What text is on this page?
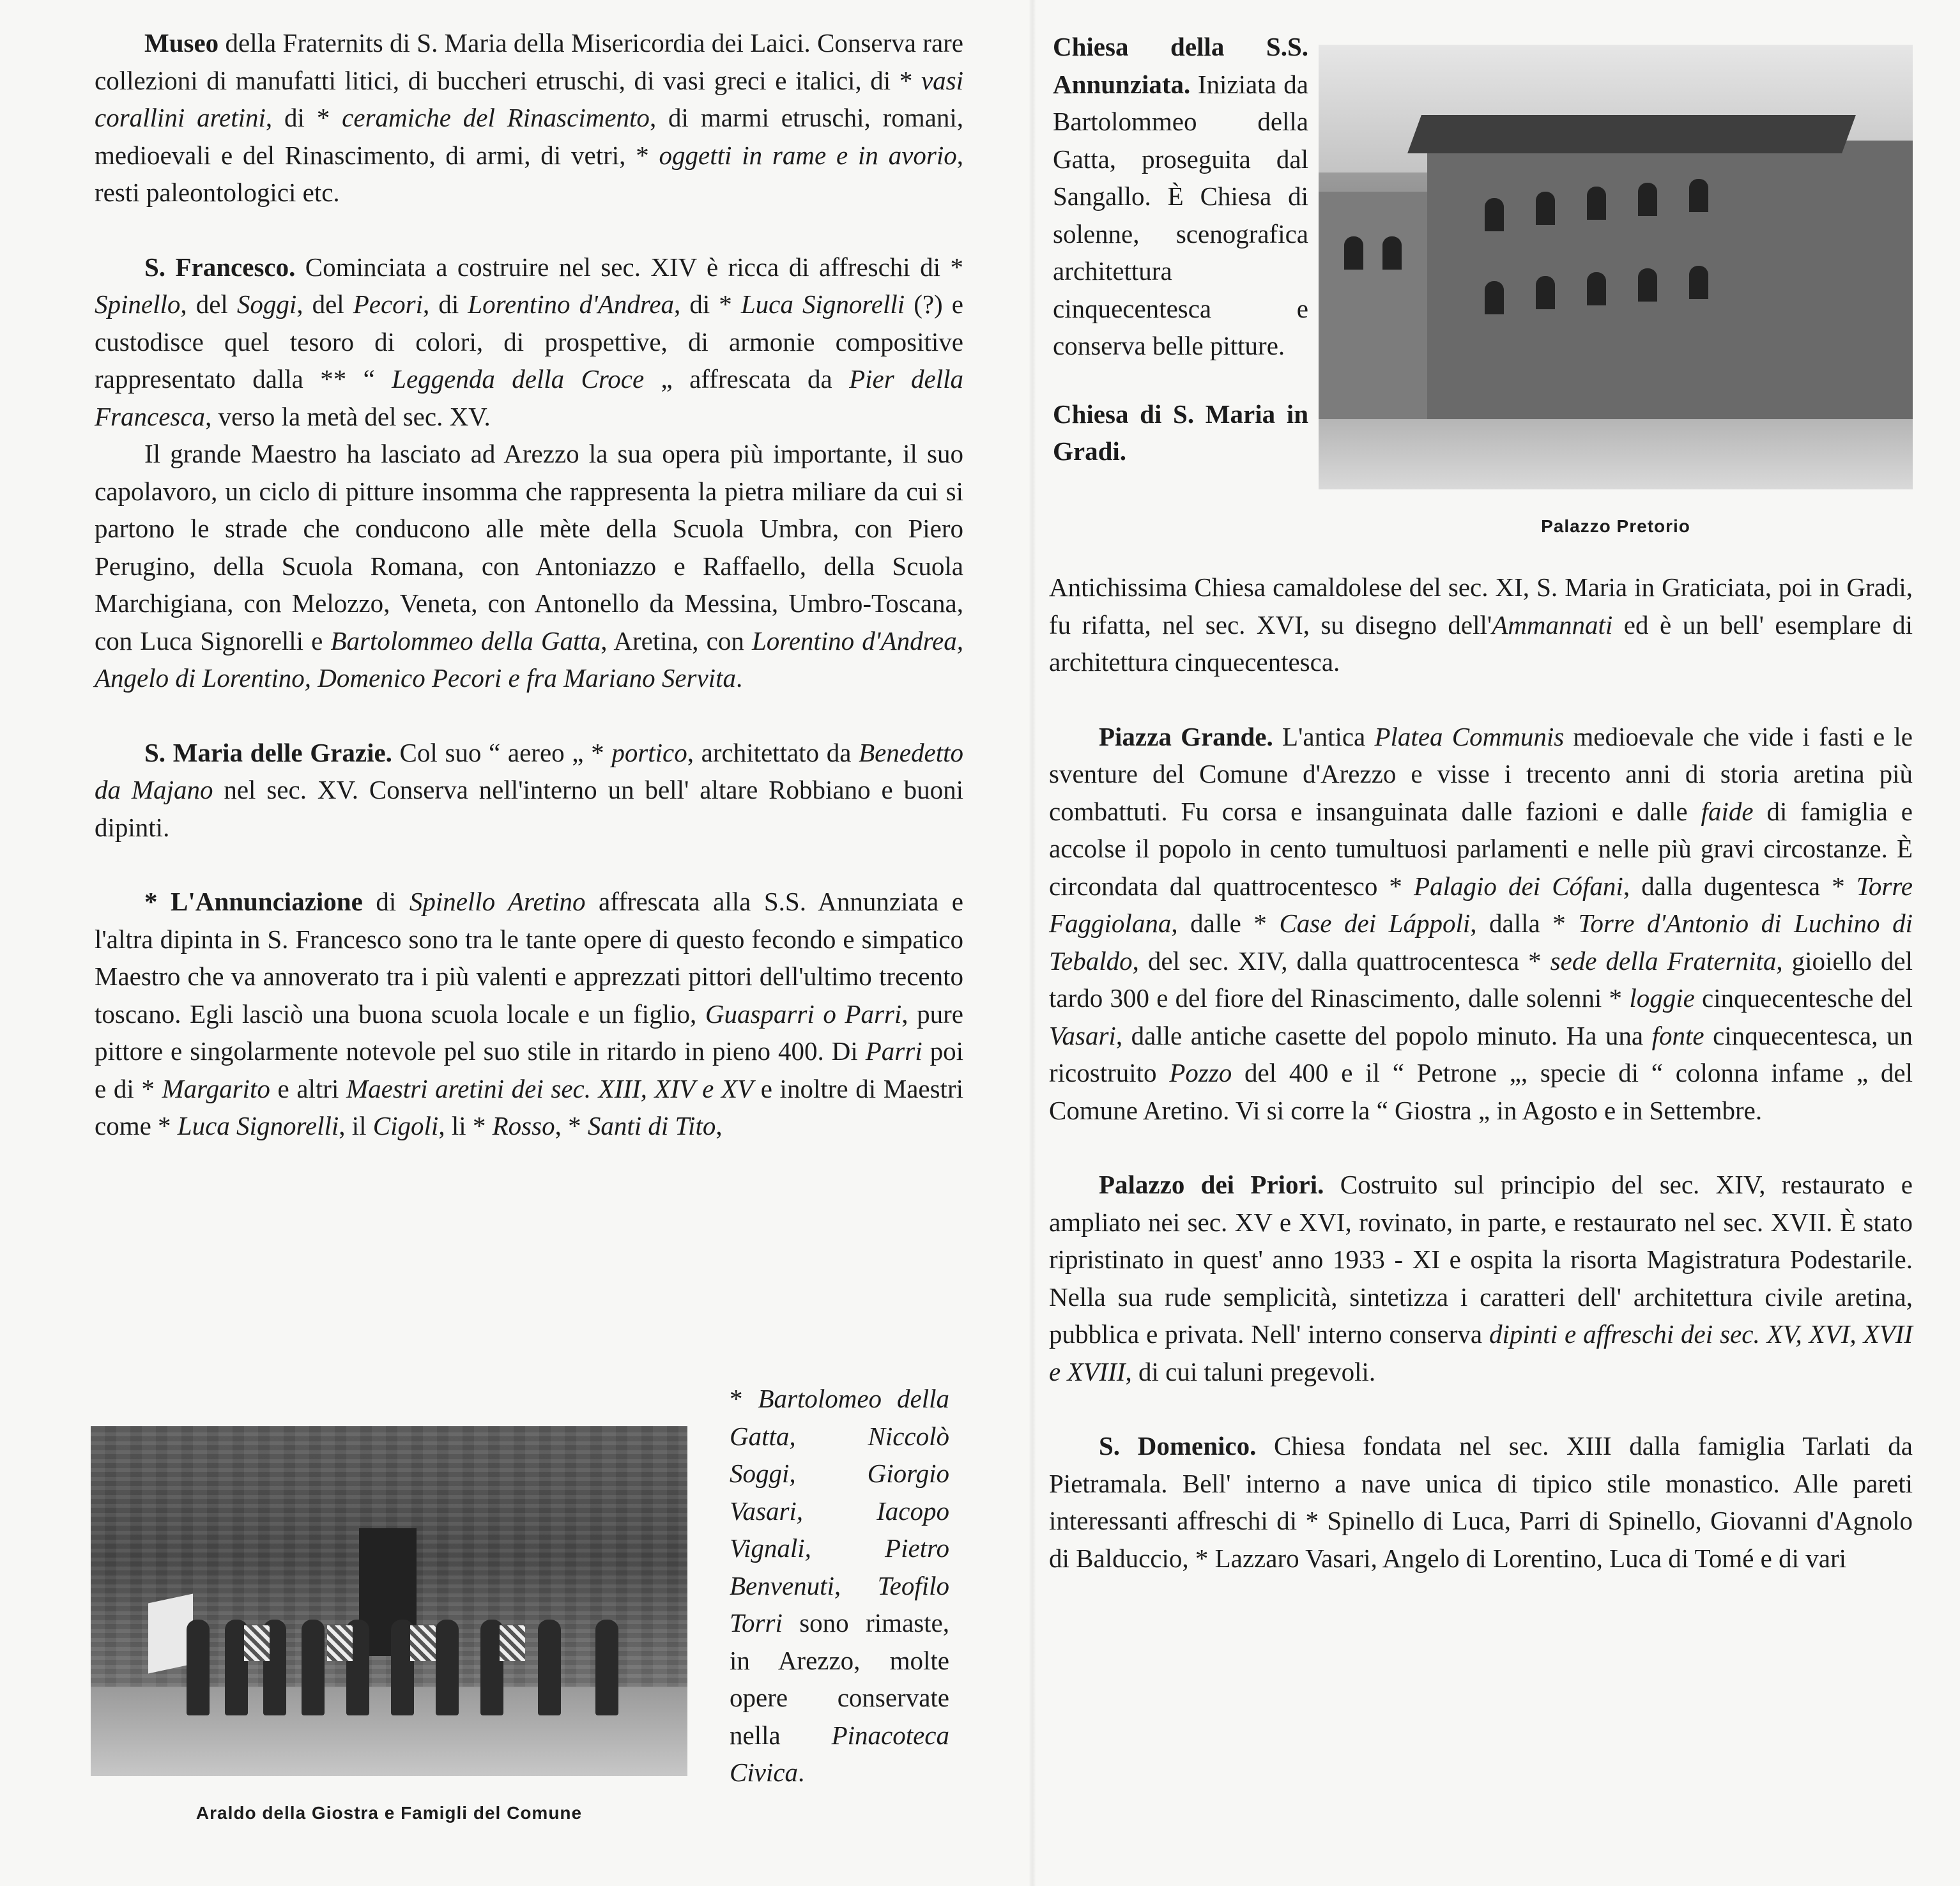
Museo della Fraternits di S. Maria della Misericordia dei Laici. Conserva rare collezioni di manufatti litici, di buccheri etruschi, di vasi greci e italici, di * vasi corallini aretini, di * ceramiche del Rinascimento, di marmi etruschi, romani, medioevali e del Rinascimento, di armi, di vetri, * oggetti in rame e in avorio, resti paleontologici etc.

S. Francesco. Cominciata a costruire nel sec. XIV è ricca di affreschi di * Spinello, del Soggi, del Pecori, di Lorentino d'Andrea, di * Luca Signorelli (?) e custodisce quel tesoro di colori, di prospettive, di armonie compositive rappresentato dalla ** “ Leggenda della Croce „ affrescata da Pier della Francesca, verso la metà del sec. XV.

Il grande Maestro ha lasciato ad Arezzo la sua opera più importante, il suo capolavoro, un ciclo di pitture insomma che rappresenta la pietra miliare da cui si partono le strade che conducono alle mète della Scuola Umbra, con Piero Perugino, della Scuola Romana, con Antoniazzo e Raffaello, della Scuola Marchigiana, con Melozzo, Veneta, con Antonello da Messina, Umbro-Toscana, con Luca Signorelli e Bartolommeo della Gatta, Aretina, con Lorentino d'Andrea, Angelo di Lorentino, Domenico Pecori e fra Mariano Servita.

S. Maria delle Grazie. Col suo “ aereo „ * portico, architettato da Benedetto da Majano nel sec. XV. Conserva nell'interno un bell' altare Robbiano e buoni dipinti.

* L'Annunciazione di Spinello Aretino affrescata alla S.S. Annunziata e l'altra dipinta in S. Francesco sono tra le tante opere di questo fecondo e simpatico Maestro che va annoverato tra i più valenti e apprezzati pittori dell'ultimo trecento toscano. Egli lasciò una buona scuola locale e un figlio, Guasparri o Parri, pure pittore e singolarmente notevole pel suo stile in ritardo in pieno 400. Di Parri poi e di * Margarito e altri Maestri aretini dei sec. XIII, XIV e XV e inoltre di Maestri come * Luca Signorelli, il Cigoli, li * Rosso, * Santi di Tito,

* Bartolomeo della Gatta, Niccolò Soggi, Giorgio Vasari, Iacopo Vignali, Pietro Benvenuti, Teofilo Torri sono rimaste, in Arezzo, molte opere conservate nella Pinacoteca Civica.

Araldo della Giostra e Famigli del Comune

Chiesa della S.S. Annunziata. Iniziata da Bartolommeo della Gatta, proseguita dal Sangallo. È Chiesa di solenne, scenografica architettura cinquecentesca e conserva belle pitture.

Chiesa di S. Maria in Gradi.

Palazzo Pretorio

Antichissima Chiesa camaldolese del sec. XI, S. Maria in Graticiata, poi in Gradi, fu rifatta, nel sec. XVI, su disegno dell'Ammannati ed è un bell' esemplare di architettura cinquecentesca.

Piazza Grande. L'antica Platea Communis medioevale che vide i fasti e le sventure del Comune d'Arezzo e visse i trecento anni di storia aretina più combattuti. Fu corsa e insanguinata dalle fazioni e dalle faide di famiglia e accolse il popolo in cento tumultuosi parlamenti e nelle più gravi circostanze. È circondata dal quattrocentesco * Palagio dei Cófani, dalla dugentesca * Torre Faggiolana, dalle * Case dei Láppoli, dalla * Torre d'Antonio di Luchino di Tebaldo, del sec. XIV, dalla quattrocentesca * sede della Fraternita, gioiello del tardo 300 e del fiore del Rinascimento, dalle solenni * loggie cinquecentesche del Vasari, dalle antiche casette del popolo minuto. Ha una fonte cinquecentesca, un ricostruito Pozzo del 400 e il “ Petrone „, specie di “ colonna infame „ del Comune Aretino. Vi si corre la “ Giostra „ in Agosto e in Settembre.

Palazzo dei Priori. Costruito sul principio del sec. XIV, restaurato e ampliato nei sec. XV e XVI, rovinato, in parte, e restaurato nel sec. XVII. È stato ripristinato in quest' anno 1933 - XI e ospita la risorta Magistratura Podestarile. Nella sua rude semplicità, sintetizza i caratteri dell' architettura civile aretina, pubblica e privata. Nell' interno conserva dipinti e affreschi dei sec. XV, XVI, XVII e XVIII, di cui taluni pregevoli.

S. Domenico. Chiesa fondata nel sec. XIII dalla famiglia Tarlati da Pietramala. Bell' interno a nave unica di tipico stile monastico. Alle pareti interessanti affreschi di * Spinello di Luca, Parri di Spinello, Giovanni d'Agnolo di Balduccio, * Lazzaro Vasari, Angelo di Lorentino, Luca di Tomé e di vari
